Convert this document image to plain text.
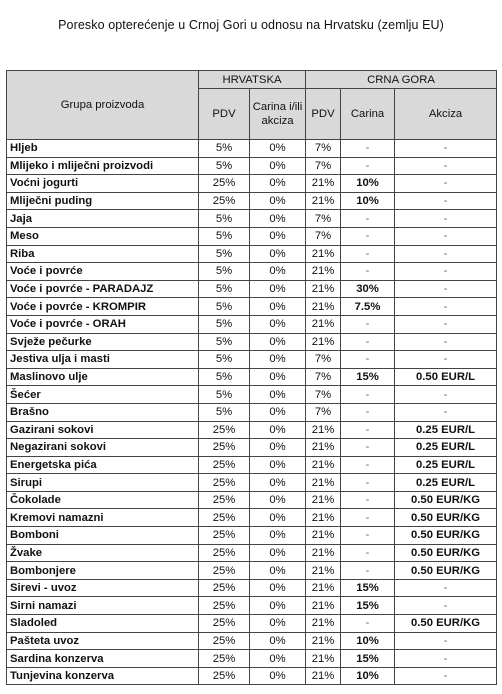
Poresko opterećenje u Crnoj Gori u odnosu na Hrvatsku (zemlju EU)
Grupa proizvoda	HRVATSKA		CRNA GORA		
	PDV	Carina i/ili akciza	PDV	Carina	Akciza
Hljeb	5%	0%	7%	-	-
Mlijeko i mliječni proizvodi	5%	0%	7%	-	-
Voćni jogurti	25%	0%	21%	10%	-
Mliječni puding	25%	0%	21%	10%	-
Jaja	5%	0%	7%	-	-
Meso	5%	0%	7%	-	-
Riba	5%	0%	21%	-	-
Voće i povrće	5%	0%	21%	-	-
Voće i povrće - PARADAJZ	5%	0%	21%	30%	-
Voće i povrće - KROMPIR	5%	0%	21%	7.5%	-
Voće i povrće - ORAH	5%	0%	21%	-	-
Svježe pečurke	5%	0%	21%	-	-
Jestiva ulja i masti	5%	0%	7%	-	-
Maslinovo ulje	5%	0%	7%	15%	0.50 EUR/L
Šećer	5%	0%	7%	-	-
Brašno	5%	0%	7%	-	-
Gazirani sokovi	25%	0%	21%	-	0.25 EUR/L
Negazirani sokovi	25%	0%	21%	-	0.25 EUR/L
Energetska pića	25%	0%	21%	-	0.25 EUR/L
Sirupi	25%	0%	21%	-	0.25 EUR/L
Čokolade	25%	0%	21%	-	0.50 EUR/KG
Kremovi namazni	25%	0%	21%	-	0.50 EUR/KG
Bomboni	25%	0%	21%	-	0.50 EUR/KG
Žvake	25%	0%	21%	-	0.50 EUR/KG
Bombonjere	25%	0%	21%	-	0.50 EUR/KG
Sirevi - uvoz	25%	0%	21%	15%	-
Sirni namazi	25%	0%	21%	15%	-
Sladoled	25%	0%	21%	-	0.50 EUR/KG
Pašteta uvoz	25%	0%	21%	10%	-
Sardina konzerva	25%	0%	21%	15%	-
Tunjevina konzerva	25%	0%	21%	10%	-
